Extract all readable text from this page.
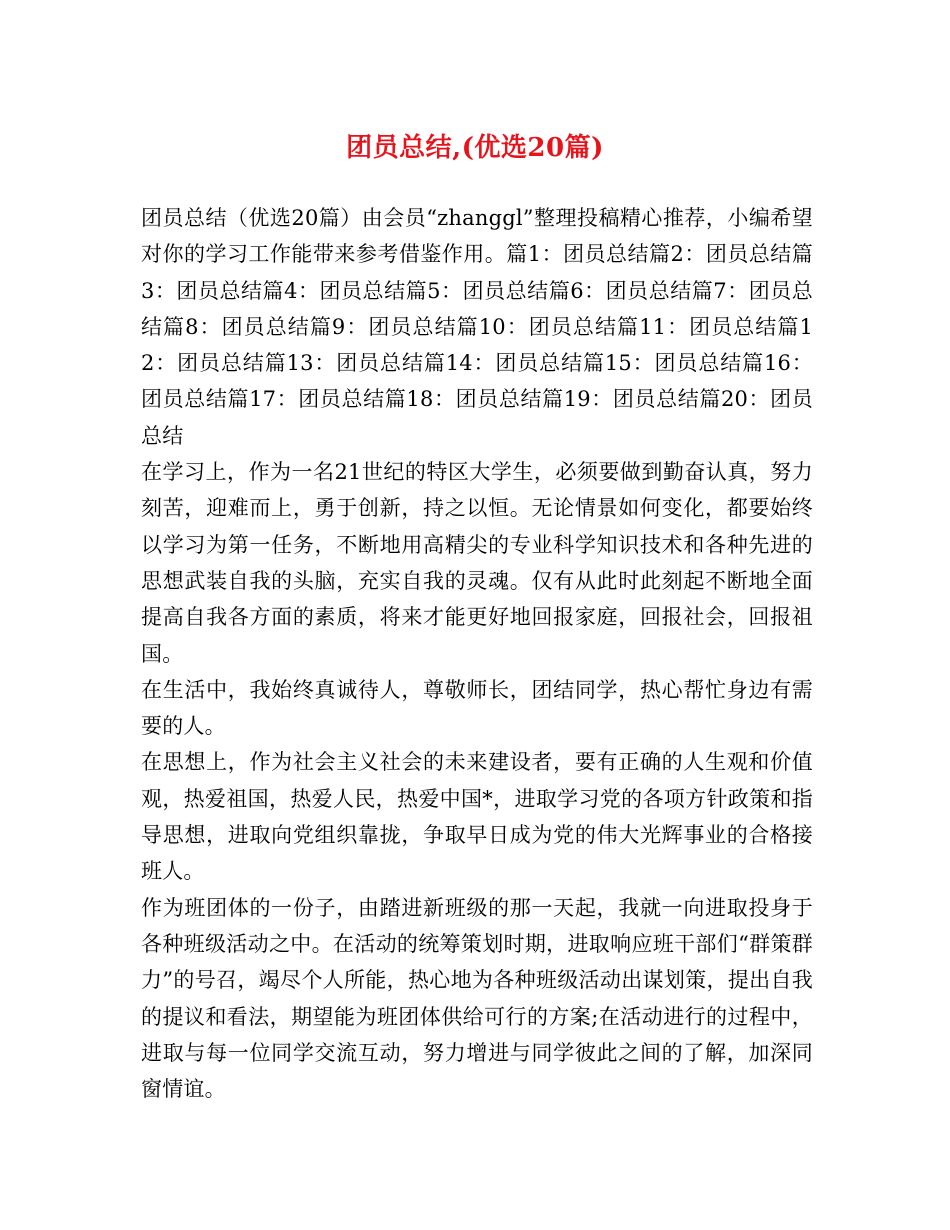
团员总结,(优选20篇)

团员总结（优选20篇）由会员“zhanggl”整理投稿精心推荐，小编希望对你的学习工作能带来参考借鉴作用。篇1：团员总结篇2：团员总结篇3：团员总结篇4：团员总结篇5：团员总结篇6：团员总结篇7：团员总结篇8：团员总结篇9：团员总结篇10：团员总结篇11：团员总结篇12：团员总结篇13：团员总结篇14：团员总结篇15：团员总结篇16：团员总结篇17：团员总结篇18：团员总结篇19：团员总结篇20：团员总结

在学习上，作为一名21世纪的特区大学生，必须要做到勤奋认真，努力刻苦，迎难而上，勇于创新，持之以恒。无论情景如何变化，都要始终以学习为第一任务，不断地用高精尖的专业科学知识技术和各种先进的思想武装自我的头脑，充实自我的灵魂。仅有从此时此刻起不断地全面提高自我各方面的素质，将来才能更好地回报家庭，回报社会，回报祖国。

在生活中，我始终真诚待人，尊敬师长，团结同学，热心帮忙身边有需要的人。

在思想上，作为社会主义社会的未来建设者，要有正确的人生观和价值观，热爱祖国，热爱人民，热爱中国*，进取学习党的各项方针政策和指导思想，进取向党组织靠拢，争取早日成为党的伟大光辉事业的合格接班人。

作为班团体的一份子，由踏进新班级的那一天起，我就一向进取投身于各种班级活动之中。在活动的统筹策划时期，进取响应班干部们“群策群力”的号召，竭尽个人所能，热心地为各种班级活动出谋划策，提出自我的提议和看法，期望能为班团体供给可行的方案;在活动进行的过程中，进取与每一位同学交流互动，努力增进与同学彼此之间的了解，加深同窗情谊。
